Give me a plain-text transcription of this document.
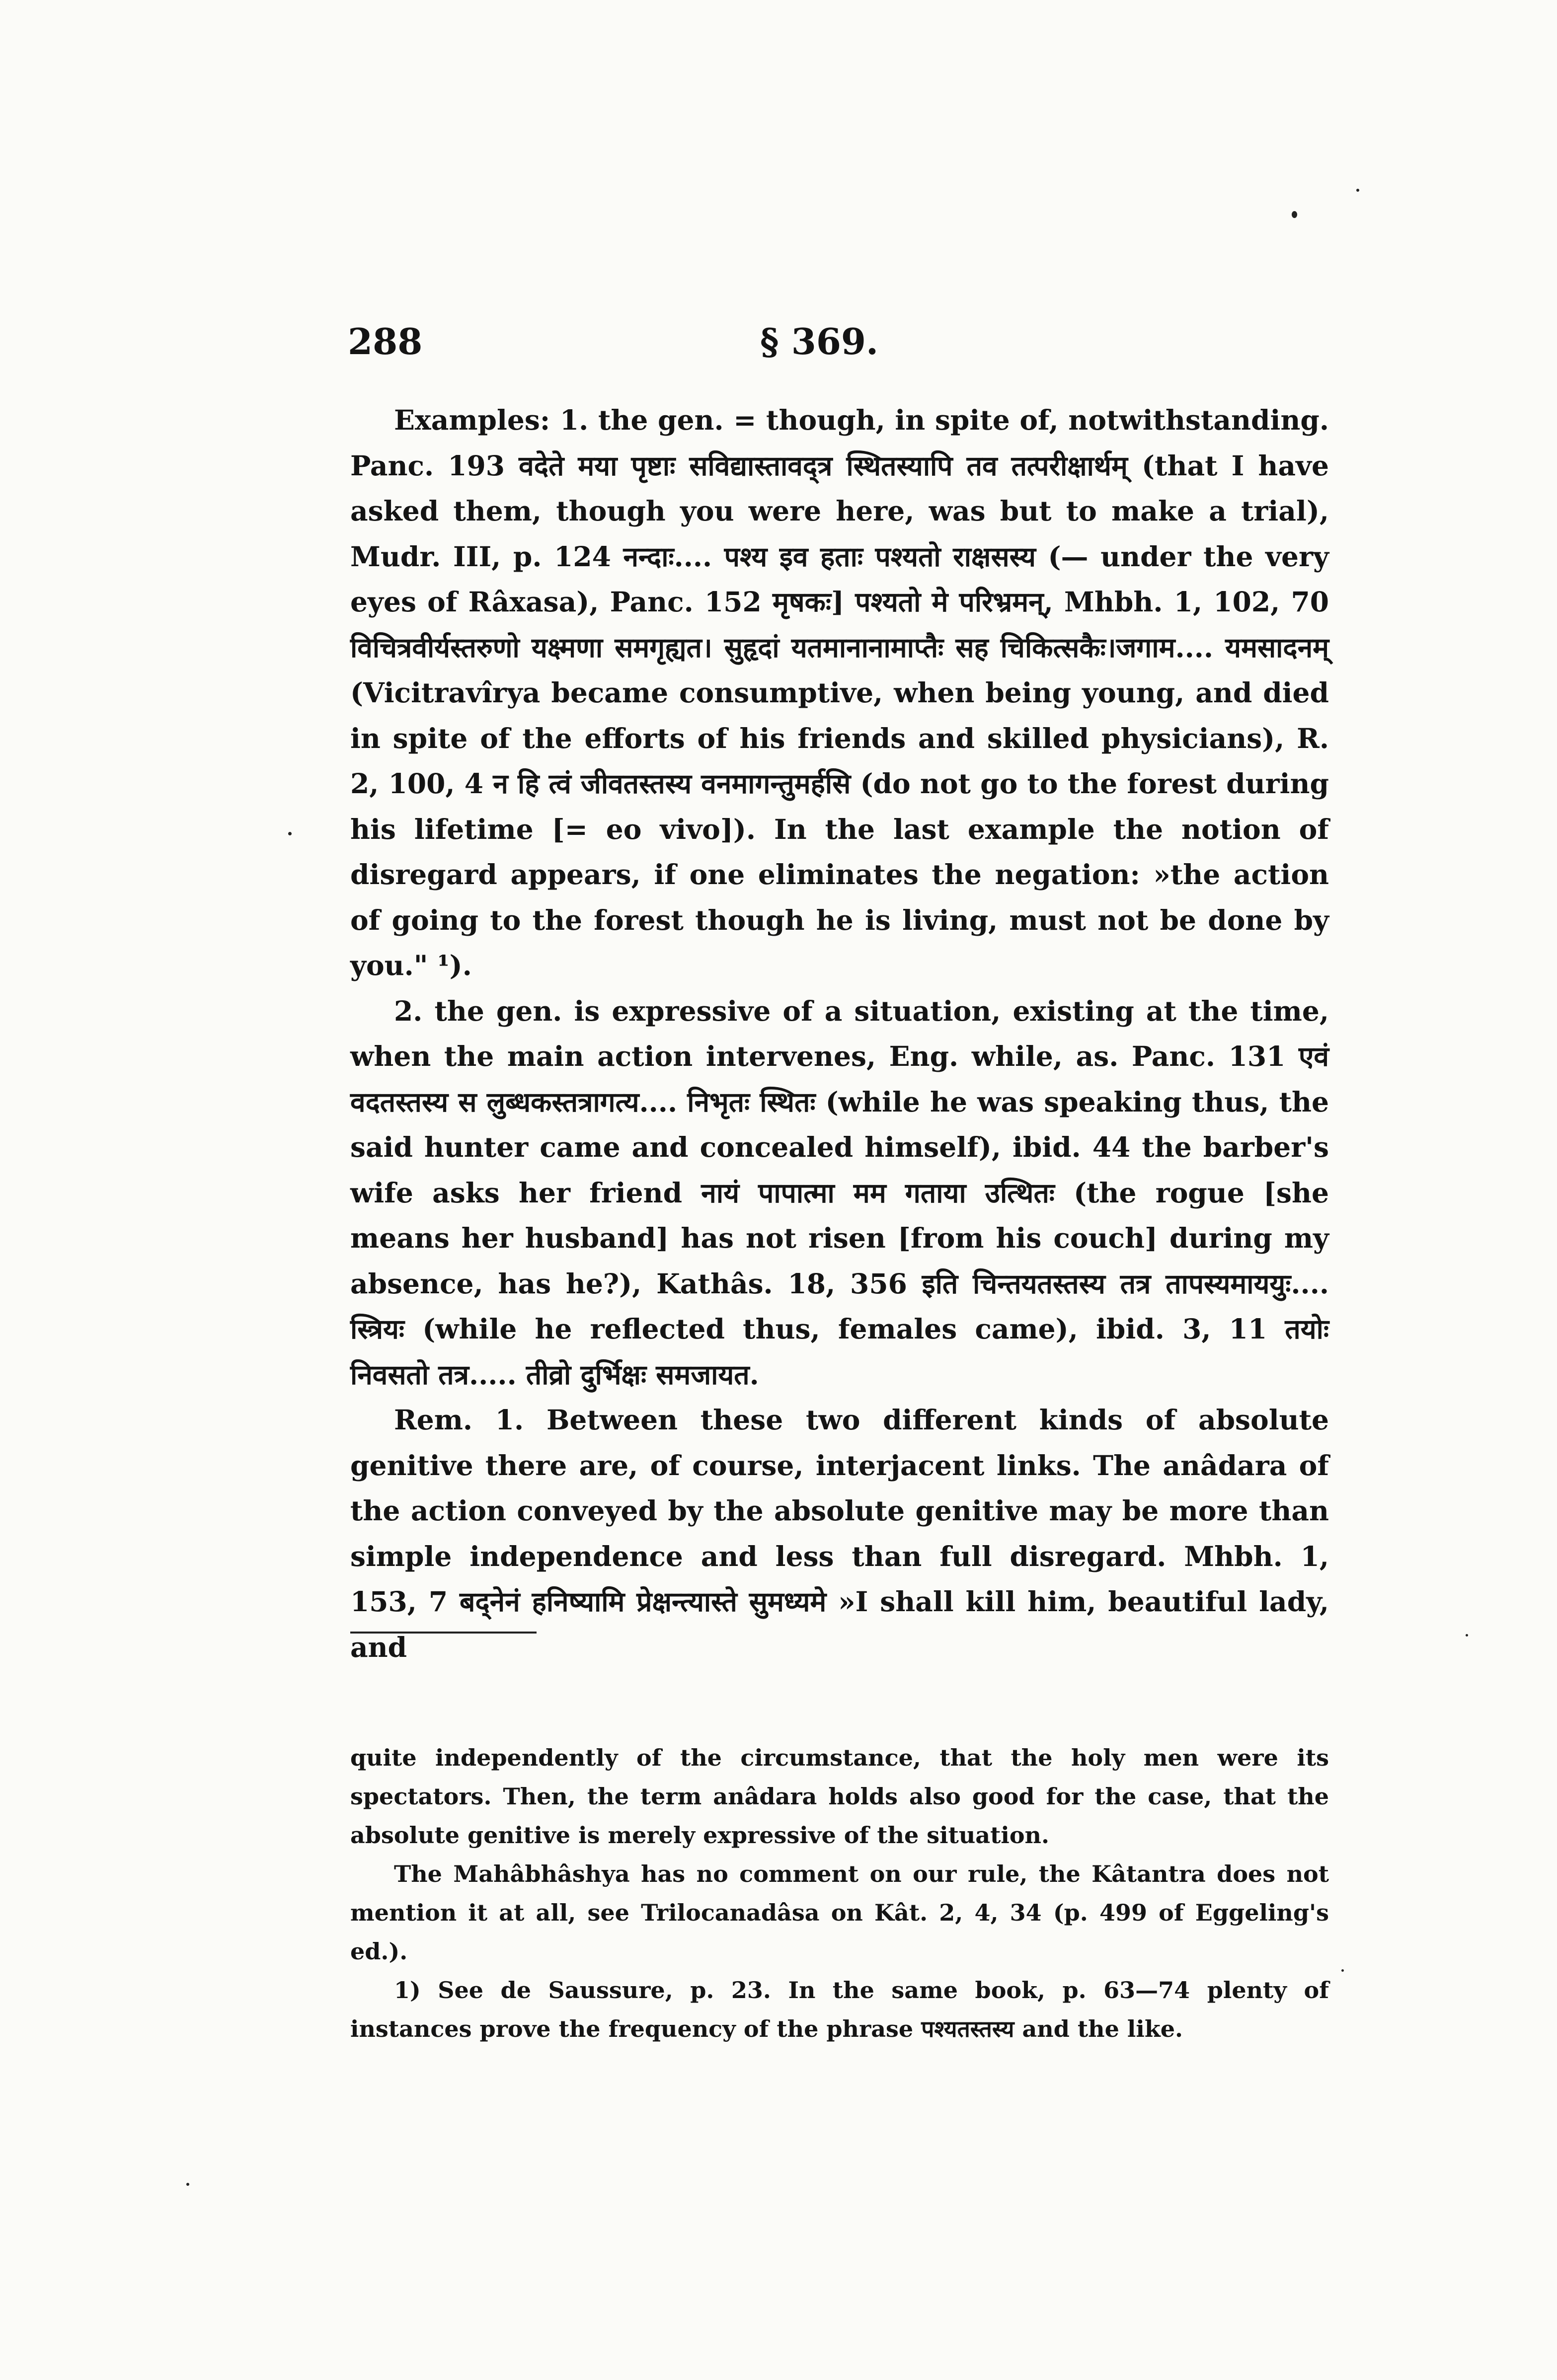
288	§ 369.

Examples: 1. the gen. = though, in spite of, notwithstanding. Panc. 193 वदेते मया पृष्टाः सविद्यास्तावद्त्र स्थितस्यापि तव तत्परीक्षार्थम् (that I have asked them, though you were here, was but to make a trial), Mudr. III, p. 124 नन्दाः.... पश्य इव हताः पश्यतो राक्षसस्य (— under the very eyes of Râxasa), Panc. 152 मृषकः] पश्यतो मे परिभ्रमन्, Mhbh. 1, 102, 70 विचित्रवीर्यस्तरुणो यक्ष्मणा समगृह्यत। सुहृदां यतमानानामाप्तैः सह चिकित्सकैः।जगाम.... यमसादनम् (Vicitravîrya became consumptive, when being young, and died in spite of the efforts of his friends and skilled physicians), R. 2, 100, 4 न हि त्वं जीवतस्तस्य वनमागन्तुमर्हसि (do not go to the forest during his lifetime [= eo vivo]). In the last example the notion of disregard appears, if one eliminates the negation: »the action of going to the forest though he is living, must not be done by you." ¹).

2. the gen. is expressive of a situation, existing at the time, when the main action intervenes, Eng. while, as. Panc. 131 एवं वदतस्तस्य स लुब्धकस्तत्रागत्य.... निभृतः स्थितः (while he was speaking thus, the said hunter came and concealed himself), ibid. 44 the barber's wife asks her friend नायं पापात्मा मम गताया उत्थितः (the rogue [she means her husband] has not risen [from his couch] during my absence, has he?), Kathâs. 18, 356 इति चिन्तयतस्तस्य तत्र तापस्यमाययुः.... स्त्रियः (while he reflected thus, females came), ibid. 3, 11 तयोः निवसतो तत्र..... तीव्रो दुर्भिक्षः समजायत.

Rem. 1. Between these two different kinds of absolute genitive there are, of course, interjacent links. The anâdara of the action conveyed by the absolute genitive may be more than simple independence and less than full disregard. Mhbh. 1, 153, 7 बद्नेनं हनिष्यामि प्रेक्षन्त्यास्ते सुमध्यमे »I shall kill him, beautiful lady, and

quite independently of the circumstance, that the holy men were its spectators. Then, the term anâdara holds also good for the case, that the absolute genitive is merely expressive of the situation.

The Mahâbhâshya has no comment on our rule, the Kâtantra does not mention it at all, see Trilocanadâsa on Kât. 2, 4, 34 (p. 499 of Eggeling's ed.).

1) See de Saussure, p. 23. In the same book, p. 63—74 plenty of instances prove the frequency of the phrase पश्यतस्तस्य and the like.
